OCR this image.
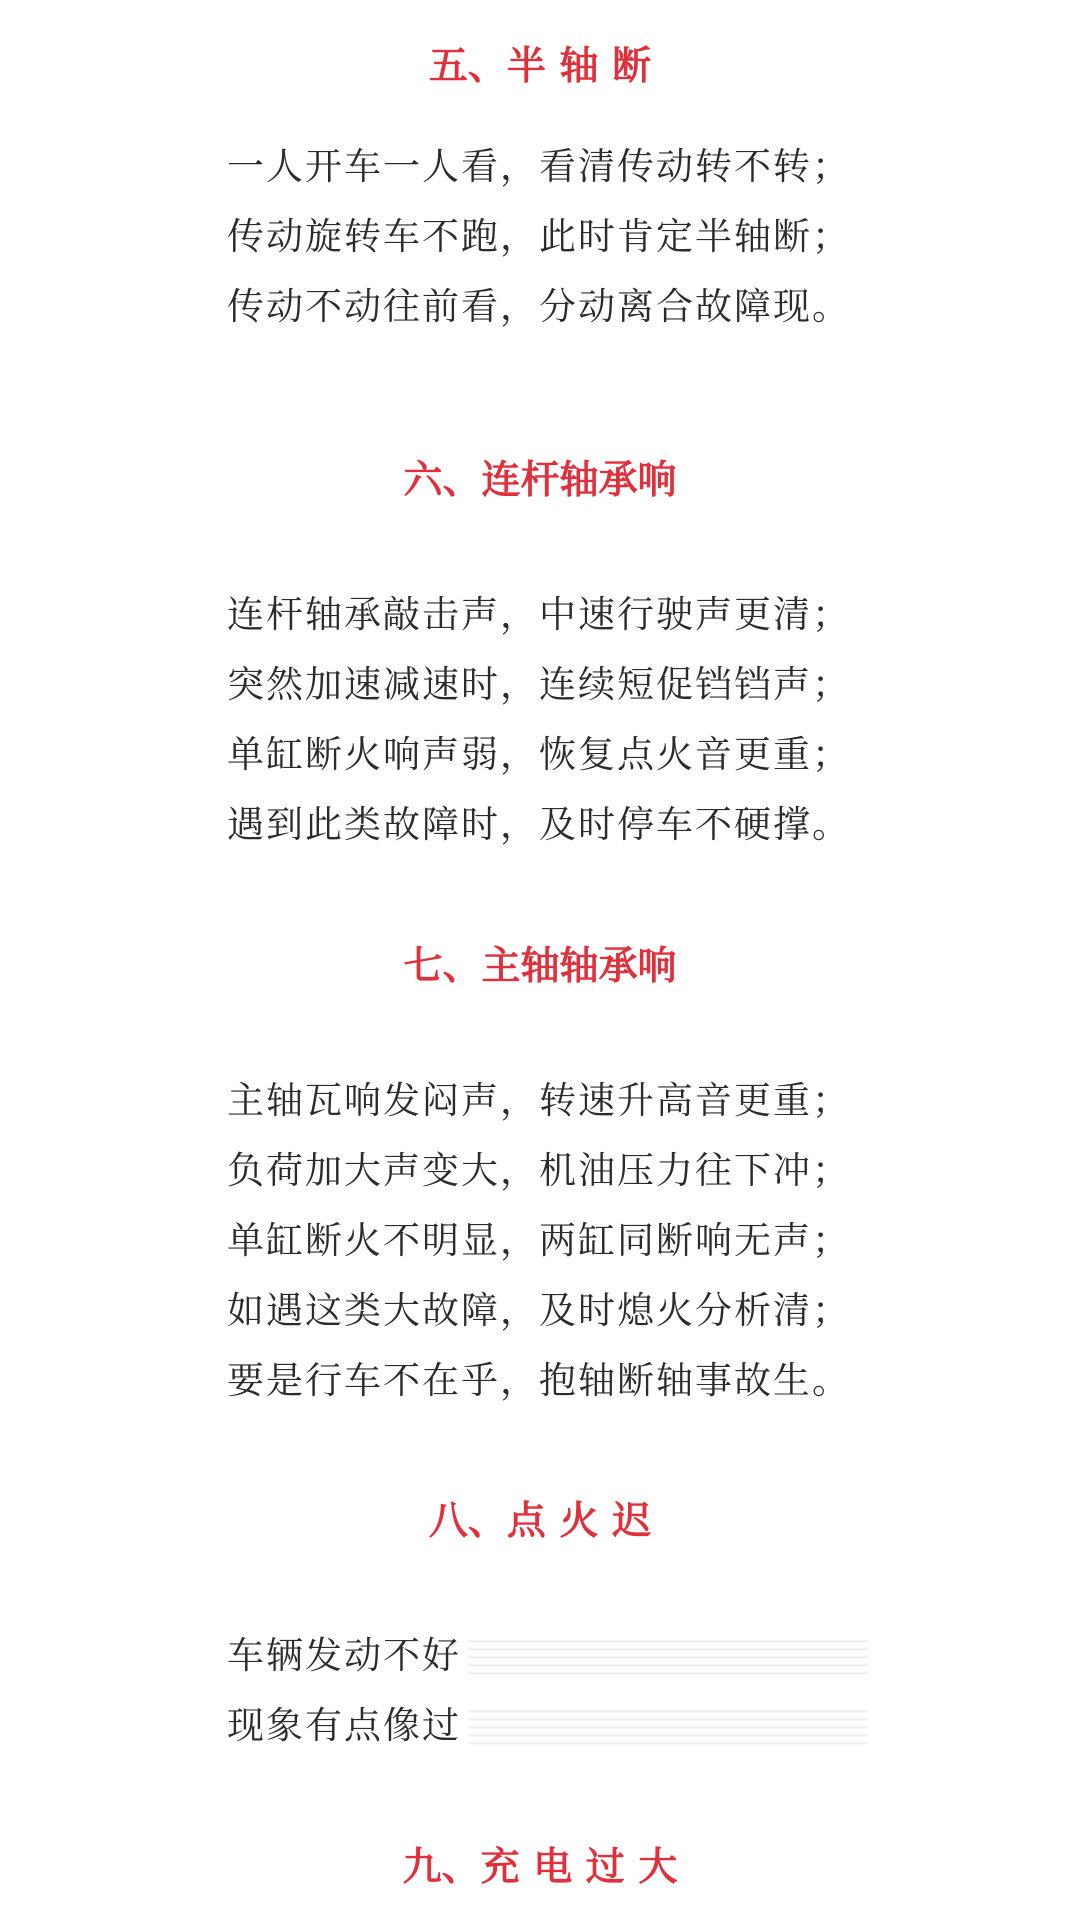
五、半 轴 断
一人开车一人看，看清传动转不转；
传动旋转车不跑，此时肯定半轴断；
传动不动往前看，分动离合故障现。
六、连杆轴承响
连杆轴承敲击声，中速行驶声更清；
突然加速减速时，连续短促铛铛声；
单缸断火响声弱，恢复点火音更重；
遇到此类故障时，及时停车不硬撑。
七、主轴轴承响
主轴瓦响发闷声，转速升高音更重；
负荷加大声变大，机油压力往下冲；
单缸断火不明显，两缸同断响无声；
如遇这类大故障，及时熄火分析清；
要是行车不在乎，抱轴断轴事故生。
八、点 火 迟
车辆发动不好
现象有点像过
九、充 电 过 大
